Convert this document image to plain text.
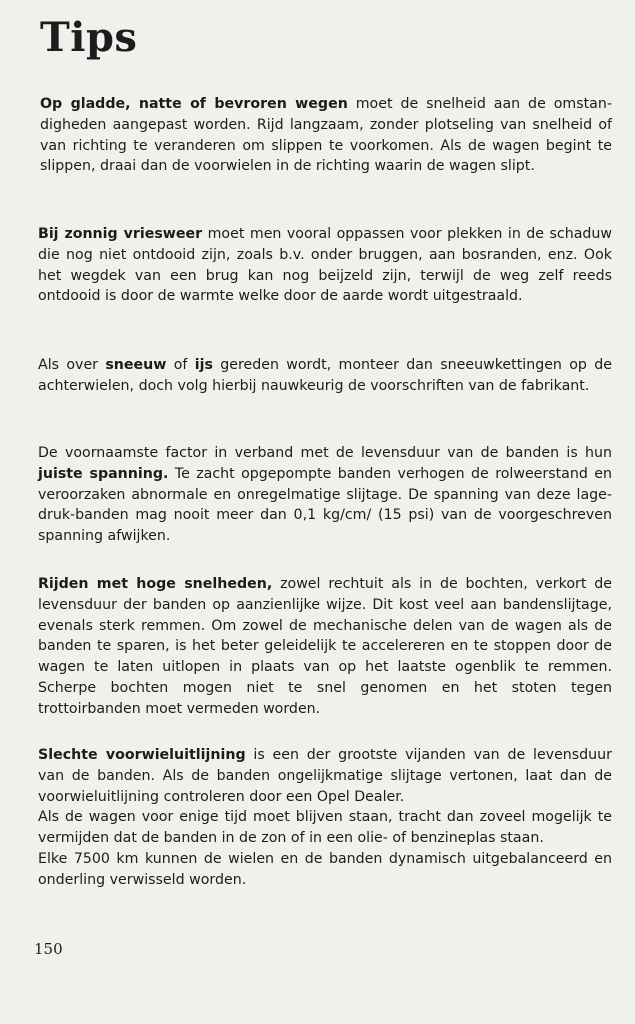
Tips

Op gladde, natte of bevroren wegen moet de snelheid aan de omstandigheden aangepast worden. Rijd langzaam, zonder plotseling van snelheid of van richting te veranderen om slippen te voorkomen. Als de wagen begint te slippen, draai dan de voorwielen in de richting waarin de wagen slipt.

Bij zonnig vriesweer moet men vooral oppassen voor plekken in de schaduw die nog niet ontdooid zijn, zoals b.v. onder bruggen, aan bosranden, enz. Ook het wegdek van een brug kan nog beijzeld zijn, terwijl de weg zelf reeds ontdooid is door de warmte welke door de aarde wordt uitgestraald.

Als over sneeuw of ijs gereden wordt, monteer dan sneeuwkettingen op de achterwielen, doch volg hierbij nauwkeurig de voorschriften van de fabrikant.

De voornaamste factor in verband met de levensduur van de banden is hun juiste spanning. Te zacht opgepompte banden verhogen de rolweerstand en veroorzaken abnormale en onregelmatige slijtage. De spanning van deze lage-druk-banden mag nooit meer dan 0,1 kg/cm/ (15 psi) van de voorgeschreven spanning afwijken.

Rijden met hoge snelheden, zowel rechtuit als in de bochten, verkort de levensduur der banden op aanzienlijke wijze. Dit kost veel aan bandenslijtage, evenals sterk remmen. Om zowel de mechanische delen van de wagen als de banden te sparen, is het beter geleidelijk te accelereren en te stoppen door de wagen te laten uitlopen in plaats van op het laatste ogenblik te remmen. Scherpe bochten mogen niet te snel genomen en het stoten tegen trottoirbanden moet vermeden worden.

Slechte voorwieluitlijning is een der grootste vijanden van de levensduur van de banden. Als de banden ongelijkmatige slijtage vertonen, laat dan de voorwieluitlijning controleren door een Opel Dealer.
Als de wagen voor enige tijd moet blijven staan, tracht dan zoveel mogelijk te vermijden dat de banden in de zon of in een olie- of benzineplas staan.
Elke 7500 km kunnen de wielen en de banden dynamisch uitgebalanceerd en onderling verwisseld worden.

150
